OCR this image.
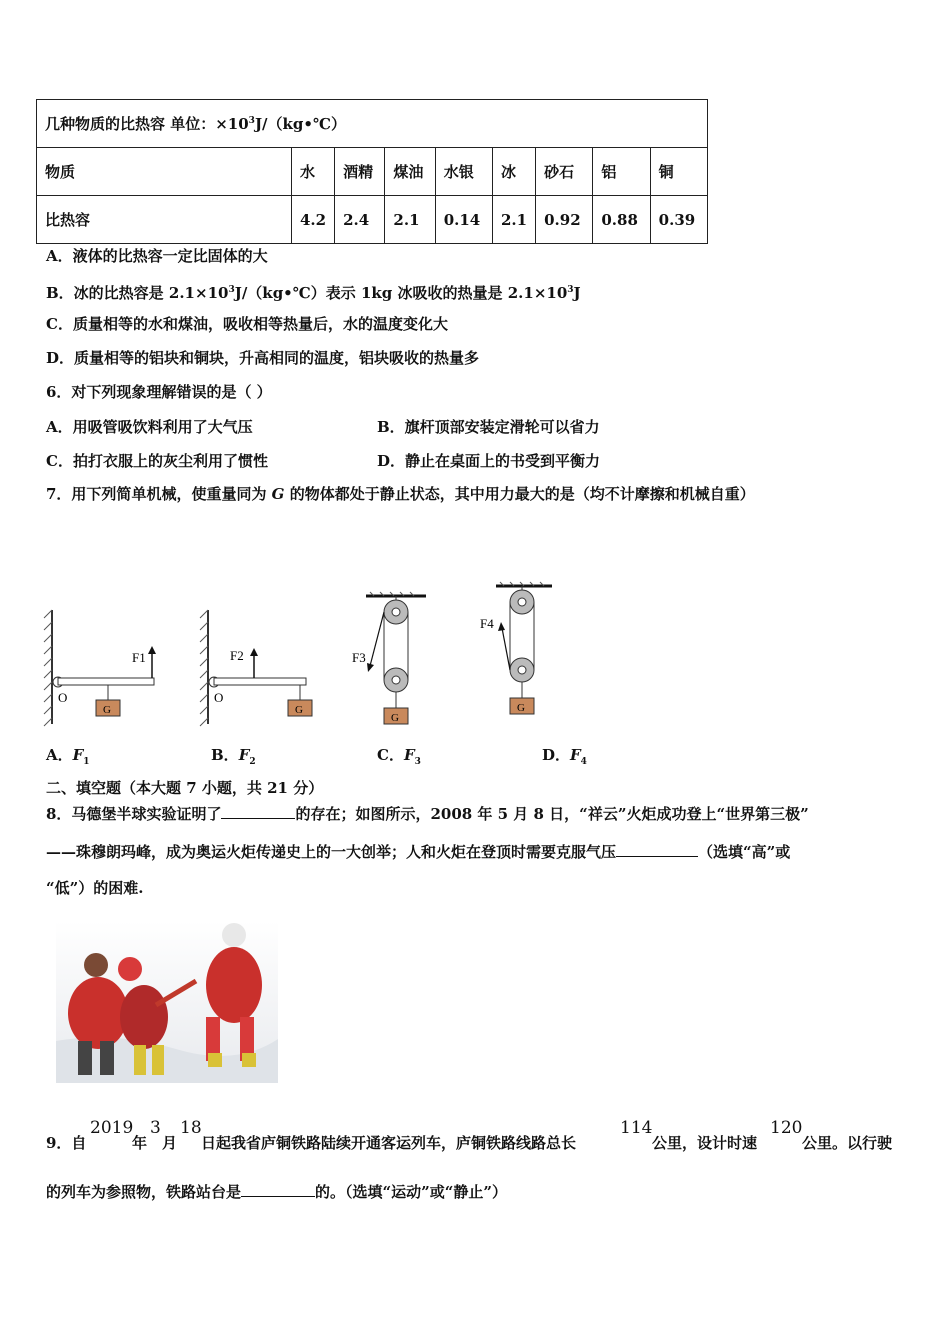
几种物质的比热容 单位：$\times 10^3J/(kg•℃)$								
物质	水	酒精	煤油	水银	冰	砂石	铝	铜
比热容	4.2	2.4	2.1	0.14	2.1	0.92	0.88	0.39
A．液体的比热容一定比固体的大
B．冰的比热容是 $2.1\times 10^3J/(kg•℃)$表示 1kg 冰吸收的热量是 $2.1\times 10^3J$
C．质量相等的水和煤油，吸收相等热量后，水的温度变化大
D．质量相等的铝块和铜块，升高相同的温度，铝块吸收的热量多
6．对下列现象理解错误的是（ ）
A．用吸管吸饮料利用了大气压	B．旗杆顶部安装定滑轮可以省力
C．拍打衣服上的灰尘利用了惯性	D．静止在桌面上的书受到平衡力
7．用下列简单机械，使重量同为 G 的物体都处于静止状态，其中用力最大的是（均不计摩擦和机械自重）
O
G
F1
O
G
F2	F3
G
F4
G
A．$F_1$	B．$F_2$	C．$F_3$	D．$F_4$
二、填空题（本大题 7 小题，共 21 分）
8．马德堡半球实验证明了	的存在；如图所示，2008 年 5 月 8 日，“祥云”火炬成功登上“世界第三极”
——珠穆朗玛峰，成为奥运火炬传递史上的一大创举；人和火炬在登顶时需要克服气压	（选填“高”或
“低”）的困难.
9．自
2019
年
3
月
18
日起我省庐铜铁路陆续开通客运列车，庐铜铁路线路总长
114
公里，设计时速
120
公里。以行驶
的列车为参照物，铁路站台是	的。（选填“运动”或“静止”）
